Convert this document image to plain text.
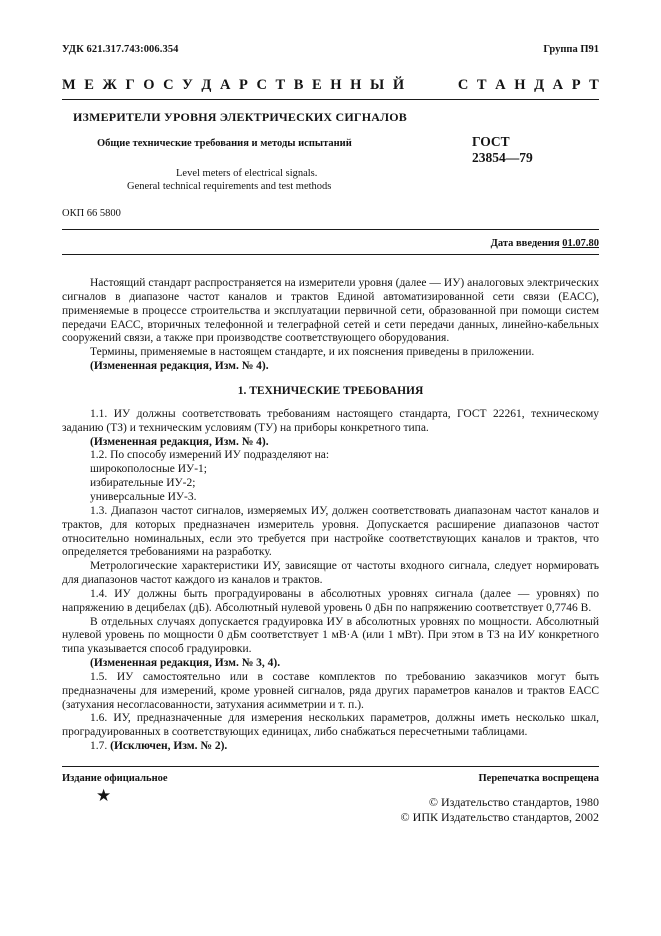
УДК 621.317.743:006.354	Группа П91
М Е Ж Г О С У Д А Р С Т В Е Н Н Ы Й	С Т А Н Д А Р Т
ИЗМЕРИТЕЛИ УРОВНЯ ЭЛЕКТРИЧЕСКИХ СИГНАЛОВ
Общие технические требования и методы испытаний	ГОСТ
23854—79
Level meters of electrical signals.
General technical requirements and test methods
ОКП 66 5800
Дата введения 01.07.80

Настоящий стандарт распространяется на измерители уровня (далее — ИУ) аналоговых электрических сигналов в диапазоне частот каналов и трактов Единой автоматизированной сети связи (ЕАСС), применяемые в процессе строительства и эксплуатации первичной сети, образованной при помощи систем передачи ЕАСС, вторичных телефонной и телеграфной сетей и сети передачи данных, линейно-кабельных сооружений связи, а также при производстве соответствующего оборудования.

Термины, применяемые в настоящем стандарте, и их пояснения приведены в приложении.

(Измененная редакция, Изм. № 4).

1. ТЕХНИЧЕСКИЕ ТРЕБОВАНИЯ

1.1. ИУ должны соответствовать требованиям настоящего стандарта, ГОСТ 22261, техническому заданию (ТЗ) и техническим условиям (ТУ) на приборы конкретного типа.

(Измененная редакция, Изм. № 4).

1.2. По способу измерений ИУ подразделяют на:

широкополосные ИУ-1;

избирательные ИУ-2;

универсальные ИУ-3.

1.3. Диапазон частот сигналов, измеряемых ИУ, должен соответствовать диапазонам частот каналов и трактов, для которых предназначен измеритель уровня. Допускается расширение диапазонов частот относительно номинальных, если это требуется при настройке соответствующих каналов и трактов, что определяется требованиями на разработку.

Метрологические характеристики ИУ, зависящие от частоты входного сигнала, следует нормировать для диапазонов частот каждого из каналов и трактов.

1.4. ИУ должны быть проградуированы в абсолютных уровнях сигнала (далее — уровнях) по напряжению в децибелах (дБ). Абсолютный нулевой уровень 0 дБн по напряжению соответствует 0,7746 В.

В отдельных случаях допускается градуировка ИУ в абсолютных уровнях по мощности. Абсолютный нулевой уровень по мощности 0 дБм соответствует 1 мВ·А (или 1 мВт). При этом в ТЗ на ИУ конкретного типа указывается способ градуировки.

(Измененная редакция, Изм. № 3, 4).

1.5. ИУ самостоятельно или в составе комплектов по требованию заказчиков могут быть предназначены для измерений, кроме уровней сигналов, ряда других параметров каналов и трактов ЕАСС (затухания несогласованности, затухания асимметрии и т. п.).

1.6. ИУ, предназначенные для измерения нескольких параметров, должны иметь несколько шкал, проградуированных в соответствующих единицах, либо снабжаться пересчетными таблицами.

1.7. (Исключен, Изм. № 2).

Издание официальное	Перепечатка воспрещена
★	© Издательство стандартов, 1980
© ИПК Издательство стандартов, 2002
